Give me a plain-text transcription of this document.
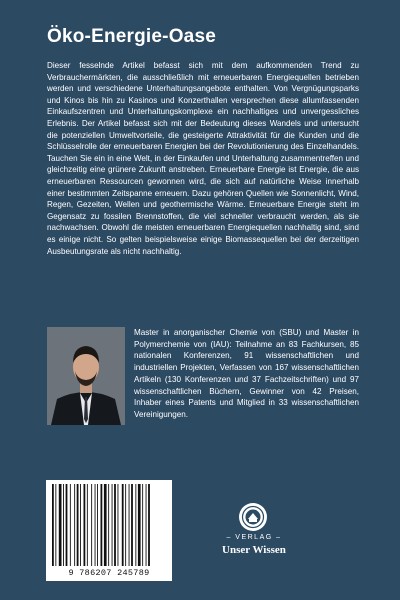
Öko-Energie-Oase

Dieser fesselnde Artikel befasst sich mit dem aufkommenden Trend zu Verbrauchermärkten, die ausschließlich mit erneuerbaren Energiequellen betrieben werden und verschiedene Unterhaltungsangebote enthalten. Von Vergnügungsparks und Kinos bis hin zu Kasinos und Konzerthallen versprechen diese allumfassenden Einkaufszentren und Unterhaltungskomplexe ein nachhaltiges und unvergessliches Erlebnis. Der Artikel befasst sich mit der Bedeutung dieses Wandels und untersucht die potenziellen Umweltvorteile, die gesteigerte Attraktivität für die Kunden und die Schlüsselrolle der erneuerbaren Energien bei der Revolutionierung des Einzelhandels. Tauchen Sie ein in eine Welt, in der Einkaufen und Unterhaltung zusammentreffen und gleichzeitig eine grünere Zukunft anstreben. Erneuerbare Energie ist Energie, die aus erneuerbaren Ressourcen gewonnen wird, die sich auf natürliche Weise innerhalb einer bestimmten Zeitspanne erneuern. Dazu gehören Quellen wie Sonnenlicht, Wind, Regen, Gezeiten, Wellen und geothermische Wärme. Erneuerbare Energie steht im Gegensatz zu fossilen Brennstoffen, die viel schneller verbraucht werden, als sie nachwachsen. Obwohl die meisten erneuerbaren Energiequellen nachhaltig sind, sind es einige nicht. So gelten beispielsweise einige Biomassequellen bei der derzeitigen Ausbeutungsrate als nicht nachhaltig.

Master in anorganischer Chemie von (SBU) und Master in Polymerchemie von (IAU): Teilnahme an 83 Fachkursen, 85 nationalen Konferenzen, 91 wissenschaftlichen und industriellen Projekten, Verfassen von 167 wissenschaftlichen Artikeln (130 Konferenzen und 37 Fachzeitschriften) und 97 wissenschaftlichen Büchern, Gewinner von 42 Preisen, Inhaber eines Patents und Mitglied in 33 wissenschaftlichen Vereinigungen.

9 786207 245789
– VERLAG –
Unser Wissen
